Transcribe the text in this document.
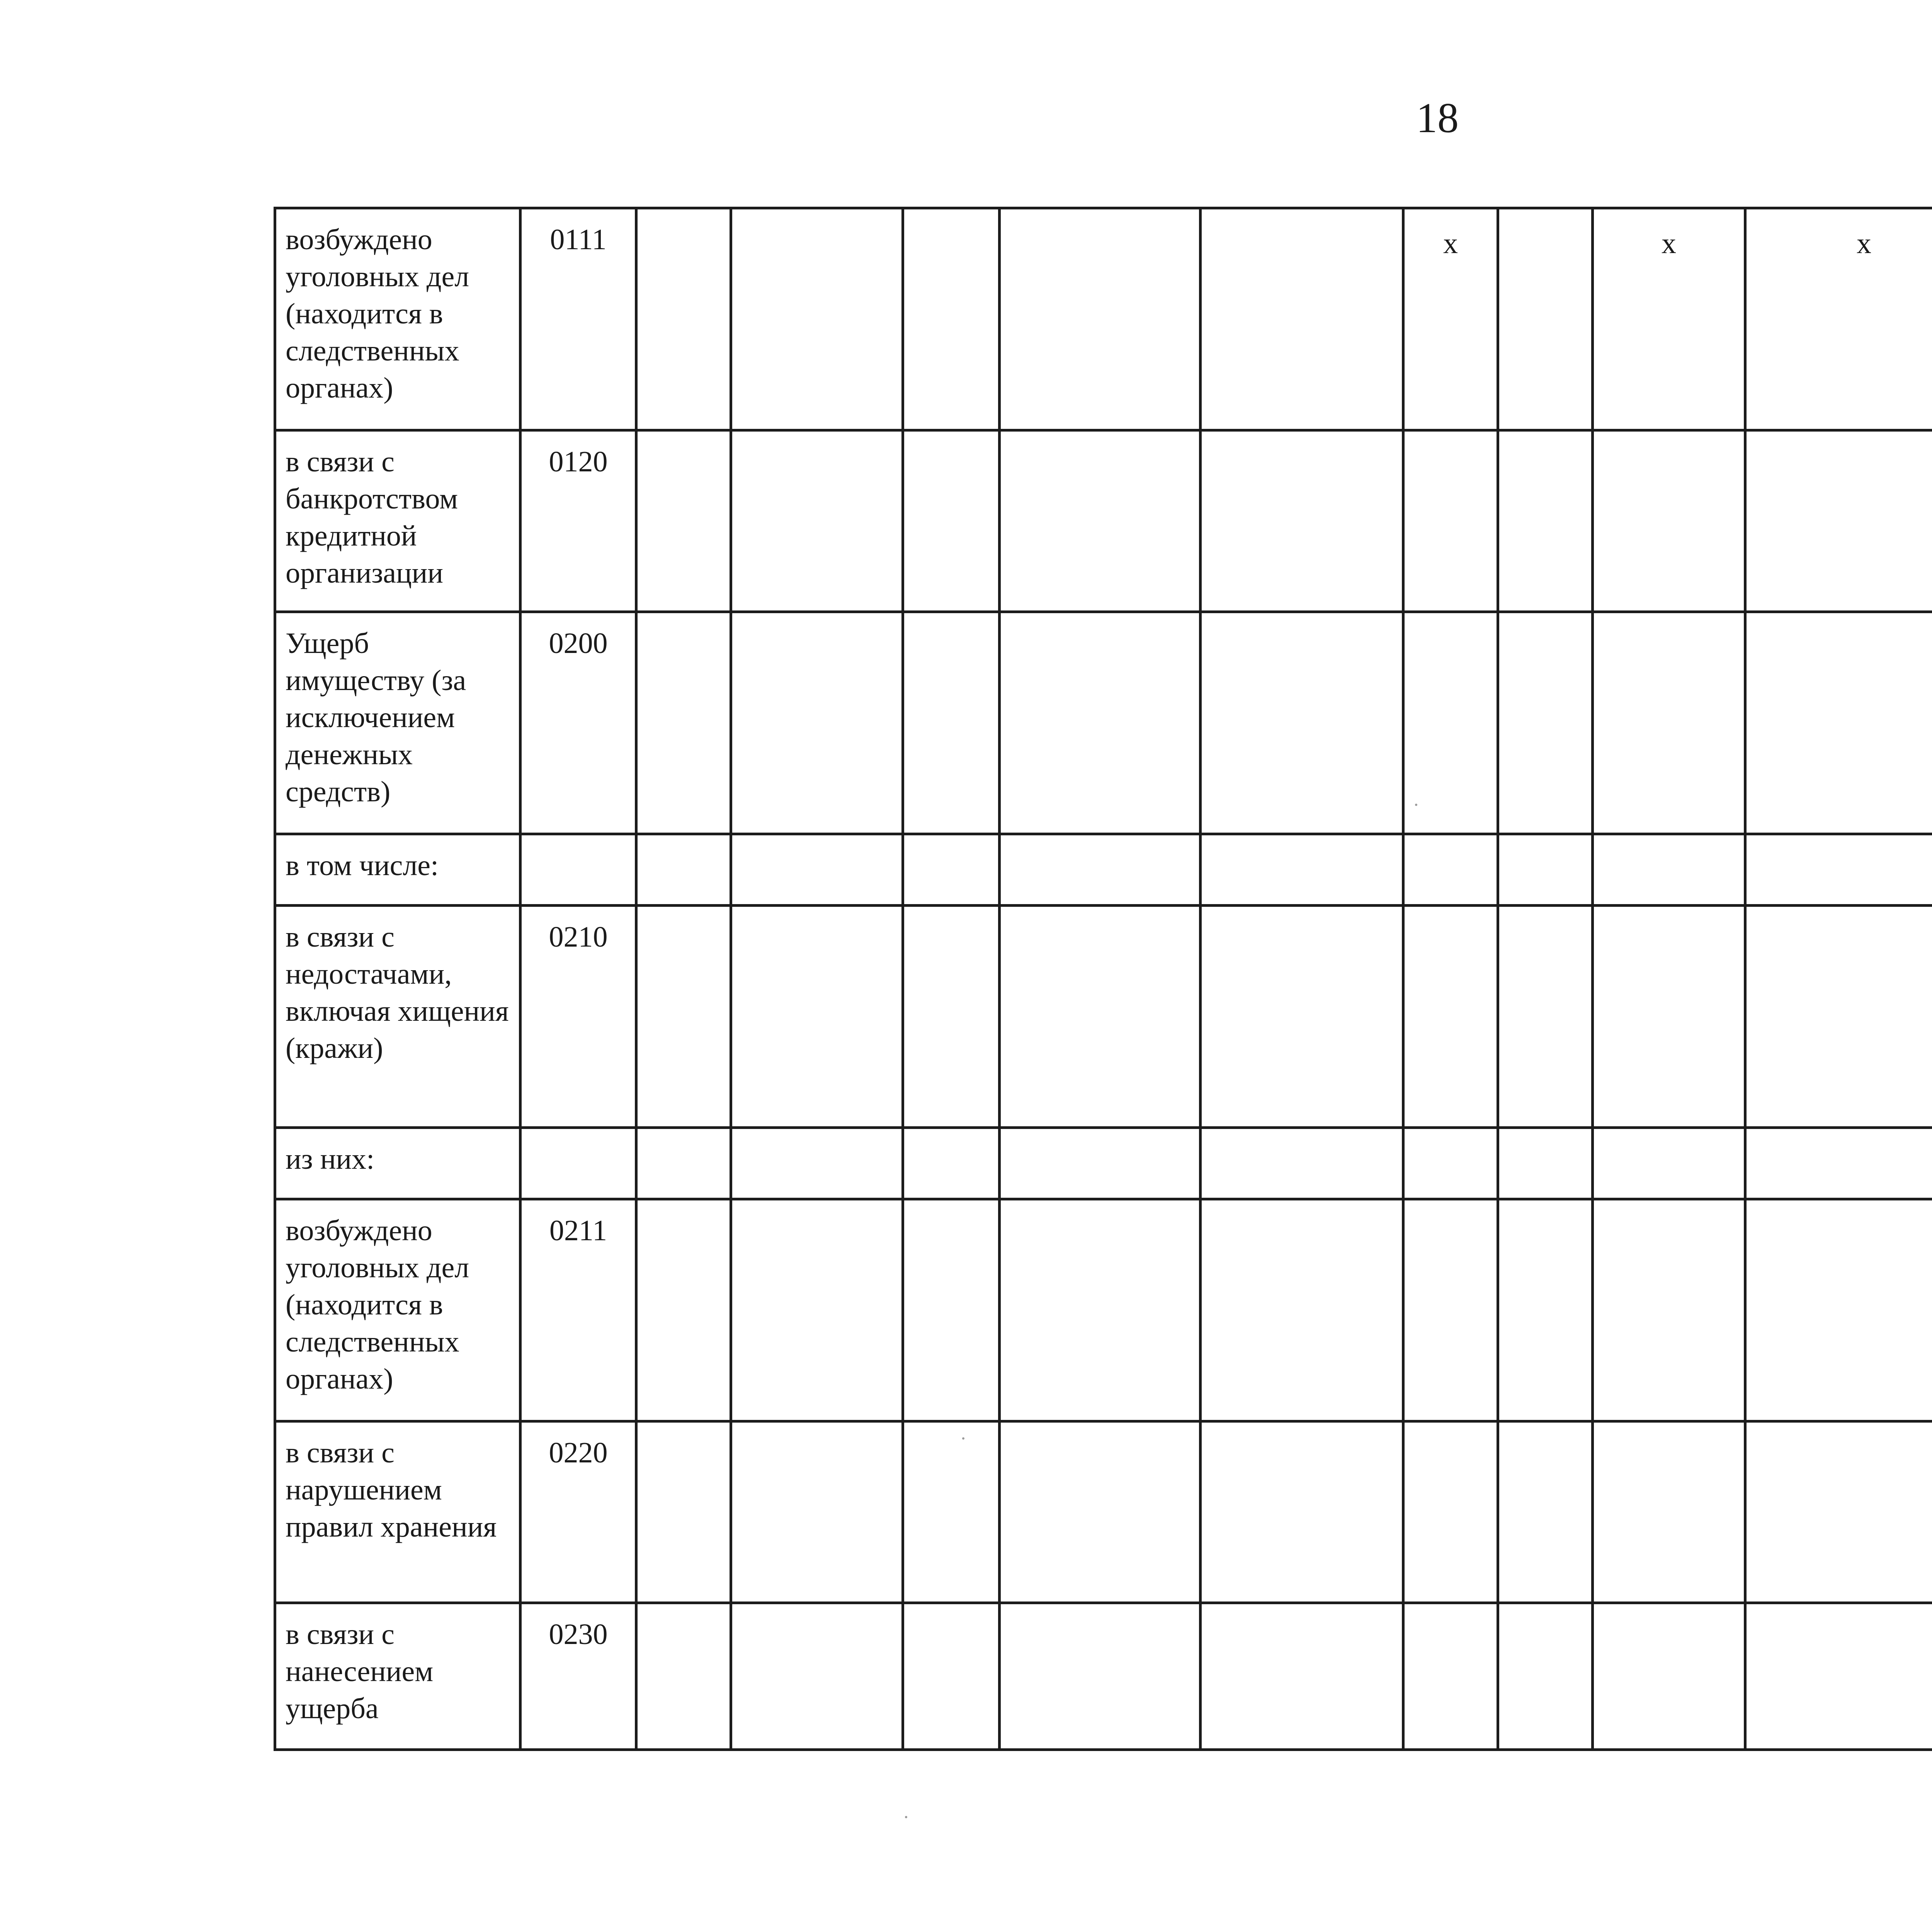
18
возбуждено уголовных дел (находится в следственных органах)	0111						x		x	x				
в связи с банкротством кредитной организации	0120													
Ущерб имуществу (за исключением денежных средств)	0200													
в том числе:														
в связи с недостачами, включая хищения (кражи)	0210													
из них:														
возбуждено уголовных дел (находится в следственных органах)	0211													
в связи с нарушением правил хранения	0220													
в связи с нанесением ущерба	0230													
